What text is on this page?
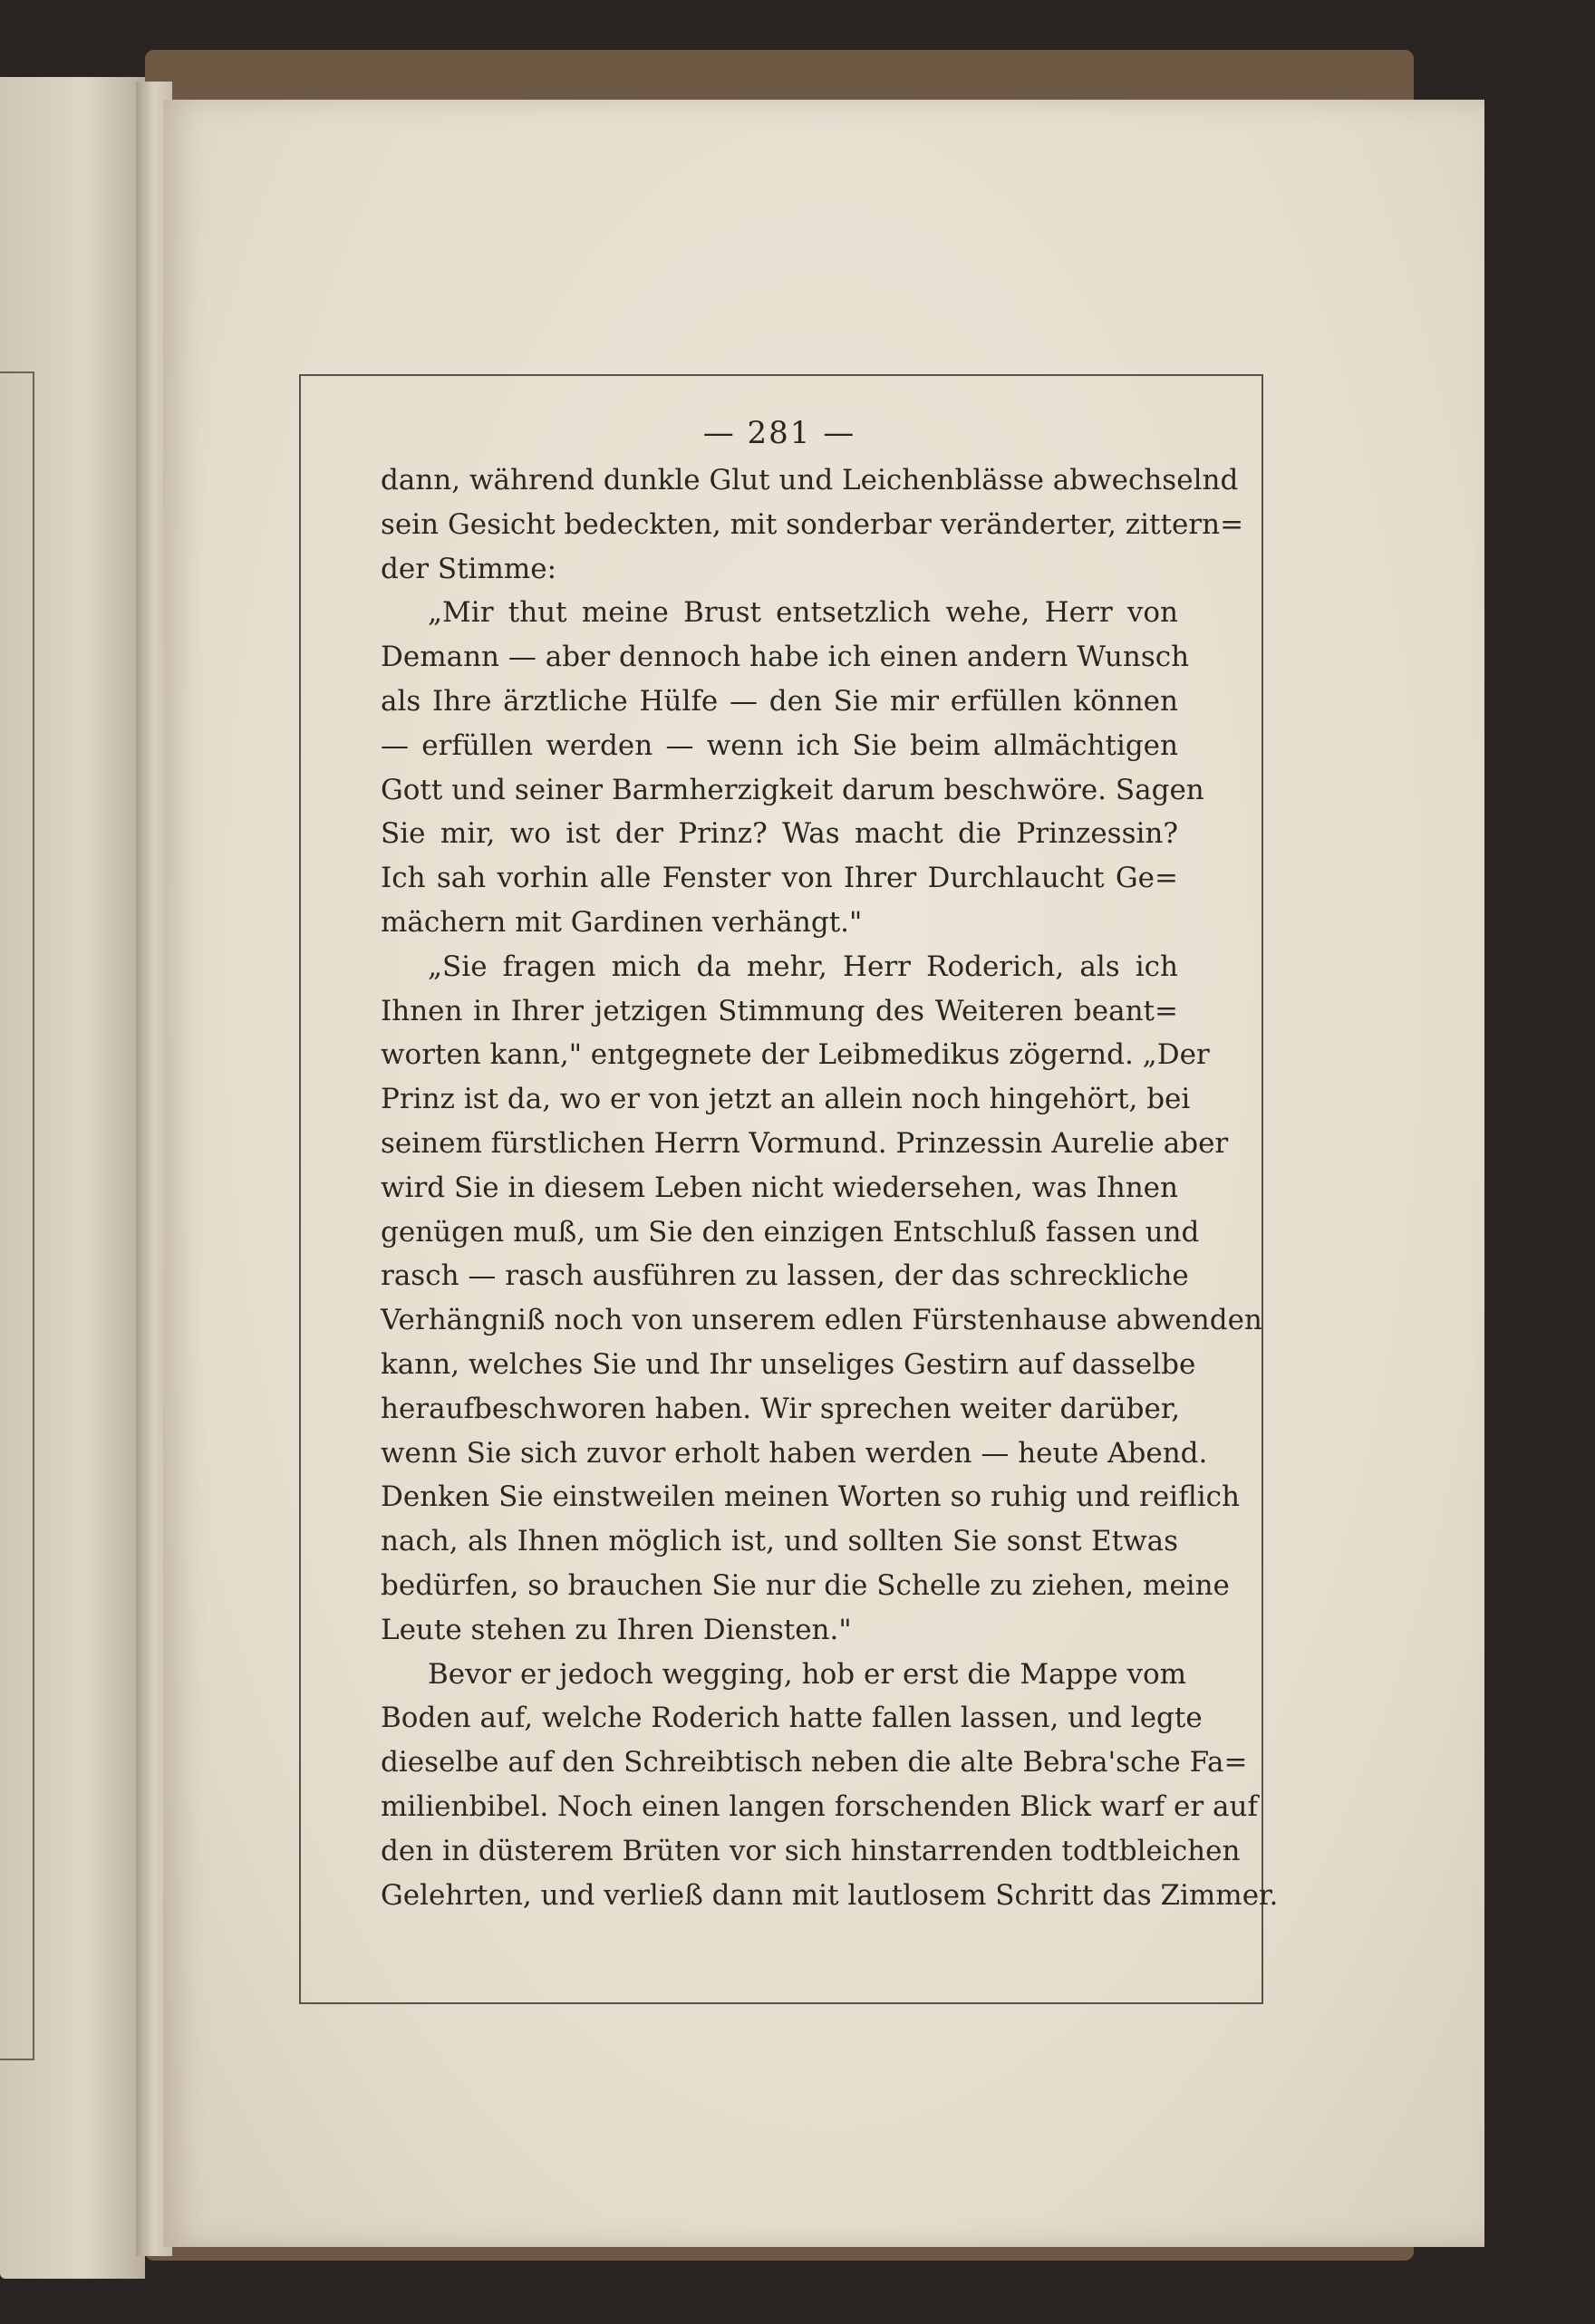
— 281 —
dann, während dunkle Glut und Leichenblässe abwechselnd
sein Gesicht bedeckten, mit sonderbar veränderter, zittern=
der Stimme:
„Mir thut meine Brust entsetzlich wehe, Herr von
Demann — aber dennoch habe ich einen andern Wunsch
als Ihre ärztliche Hülfe — den Sie mir erfüllen können
— erfüllen werden — wenn ich Sie beim allmächtigen
Gott und seiner Barmherzigkeit darum beschwöre. Sagen
Sie mir, wo ist der Prinz? Was macht die Prinzessin?
Ich sah vorhin alle Fenster von Ihrer Durchlaucht Ge=
mächern mit Gardinen verhängt."
„Sie fragen mich da mehr, Herr Roderich, als ich
Ihnen in Ihrer jetzigen Stimmung des Weiteren beant=
worten kann," entgegnete der Leibmedikus zögernd. „Der
Prinz ist da, wo er von jetzt an allein noch hingehört, bei
seinem fürstlichen Herrn Vormund. Prinzessin Aurelie aber
wird Sie in diesem Leben nicht wiedersehen, was Ihnen
genügen muß, um Sie den einzigen Entschluß fassen und
rasch — rasch ausführen zu lassen, der das schreckliche
Verhängniß noch von unserem edlen Fürstenhause abwenden
kann, welches Sie und Ihr unseliges Gestirn auf dasselbe
heraufbeschworen haben. Wir sprechen weiter darüber,
wenn Sie sich zuvor erholt haben werden — heute Abend.
Denken Sie einstweilen meinen Worten so ruhig und reiflich
nach, als Ihnen möglich ist, und sollten Sie sonst Etwas
bedürfen, so brauchen Sie nur die Schelle zu ziehen, meine
Leute stehen zu Ihren Diensten."
Bevor er jedoch wegging, hob er erst die Mappe vom
Boden auf, welche Roderich hatte fallen lassen, und legte
dieselbe auf den Schreibtisch neben die alte Bebra'sche Fa=
milienbibel. Noch einen langen forschenden Blick warf er auf
den in düsterem Brüten vor sich hinstarrenden todtbleichen
Gelehrten, und verließ dann mit lautlosem Schritt das Zimmer.
